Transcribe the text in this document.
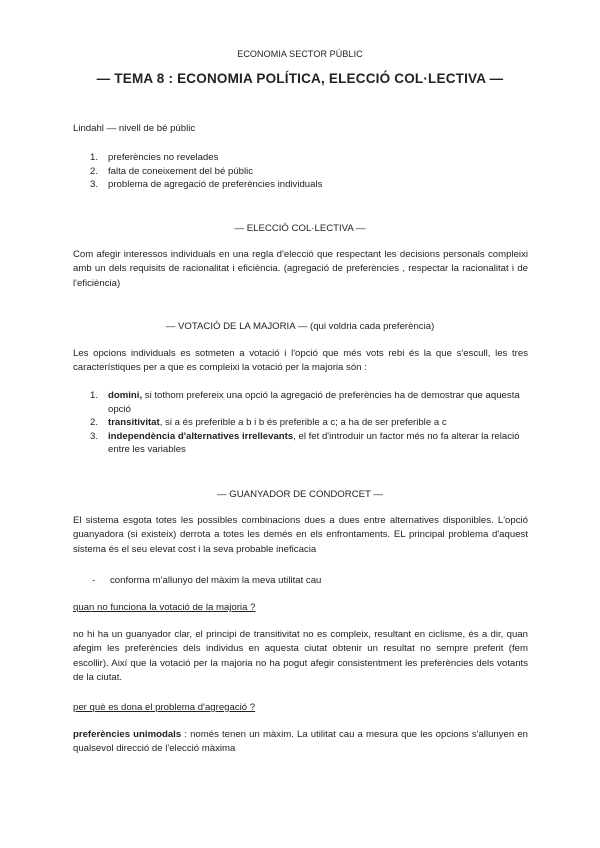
ECONOMIA SECTOR PÚBLIC
— TEMA 8 : ECONOMIA POLÍTICA, ELECCIÓ COL·LECTIVA —
Lindahl — nivell de bé públic
1. preferències no revelades
2. falta de coneixement del bé públic
3. problema de agregació de preferències individuals
— ELECCIÓ COL·LECTIVA —
Com afegir interessos individuals en una regla d'elecció que respectant les decisions personals compleixi amb un dels requisits de racionalitat i eficiència. (agregació de preferències , respectar la racionalitat i de l'eficiència)
— VOTACIÓ DE LA MAJORIA — (qui voldria cada preferència)
Les opcions individuals es sotmeten a votació i l'opció que més vots rebi és la que s'escull, les tres característiques per a que es compleixi la votació per la majoria són :
1. domini, si tothom prefereix una opció la agregació de preferències ha de demostrar que aquesta opció
2. transitivitat, si a és preferible a b i b és preferible a c; a ha de ser preferible a c
3. independència d'alternatives irrellevants, el fet d'introduir un factor més no fa alterar la relació entre les variables
— GUANYADOR DE CONDORCET —
El sistema esgota totes les possibles combinacions dues a dues entre alternatives disponibles. L'opció guanyadora (si existeix) derrota a totes les demés en els enfrontaments. EL principal problema d'aquest sistema és el seu elevat cost i la seva probable ineficacia
- conforma m'allunyo del màxim la meva utilitat cau
quan no funciona la votació de la majoria ?
no hi ha un guanyador clar, el principi de transitivitat no es compleix, resultant en ciclisme, és a dir, quan afegim les preferències dels individus en aquesta ciutat obtenir un resultat no sempre preferit (fem escollir). Així que la votació per la majoria no ha pogut afegir consistentment les preferències dels votants de la ciutat.
per què es dona el problema d'agregació ?
preferències unimodals : només tenen un màxim. La utilitat cau a mesura que les opcions s'allunyen en qualsevol direcció de l'elecció màxima
